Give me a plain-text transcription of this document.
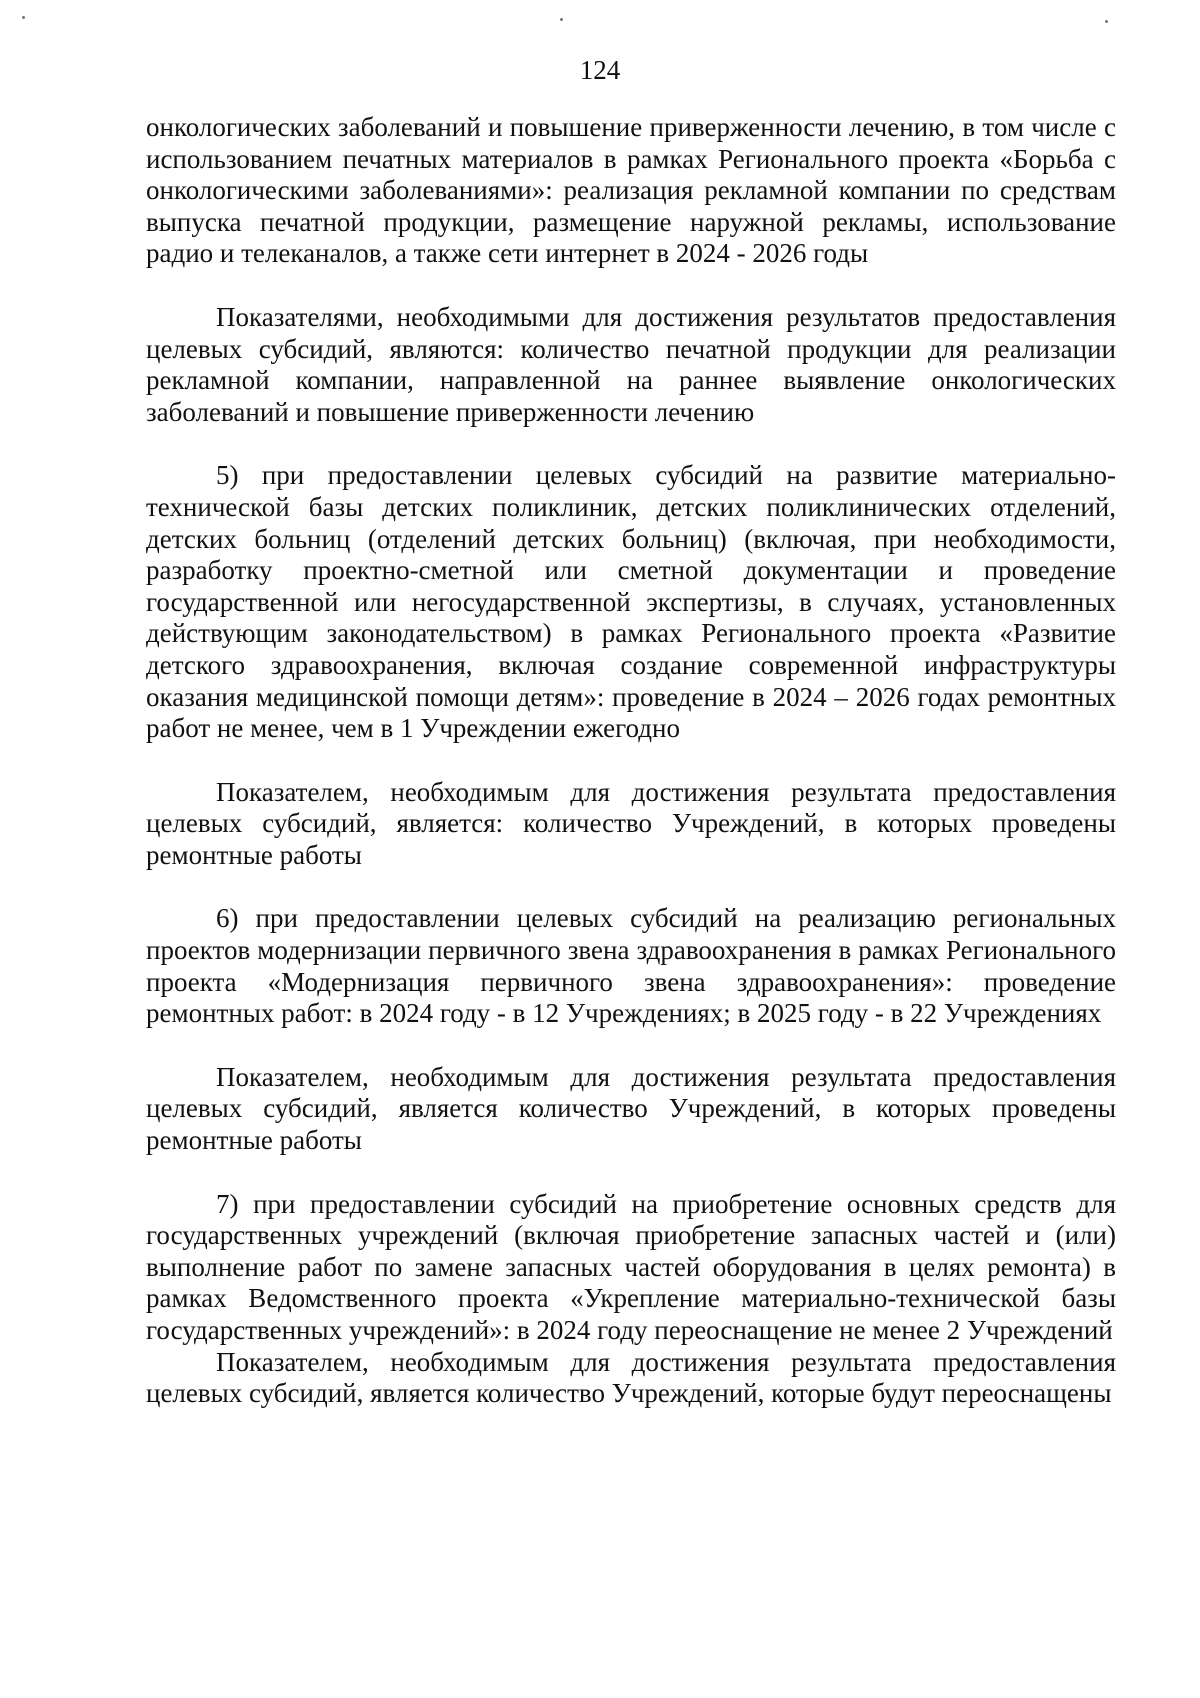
124

онкологических заболеваний и повышение приверженности лечению, в том числе с использованием печатных материалов в рамках Регионального проекта «Борьба с онкологическими заболеваниями»: реализация рекламной компании по средствам выпуска печатной продукции, размещение наружной рекламы, использование радио и телеканалов, а также сети интернет в 2024 - 2026 годы

Показателями, необходимыми для достижения результатов предоставления целевых субсидий, являются: количество печатной продукции для реализации рекламной компании, направленной на раннее выявление онкологических заболеваний и повышение приверженности лечению

5) при предоставлении целевых субсидий на развитие материально-технической базы детских поликлиник, детских поликлинических отделений, детских больниц (отделений детских больниц) (включая, при необходимости, разработку проектно-сметной или сметной документации и проведение государственной или негосударственной экспертизы, в случаях, установленных действующим законодательством) в рамках Регионального проекта «Развитие детского здравоохранения, включая создание современной инфраструктуры оказания медицинской помощи детям»: проведение в 2024 – 2026 годах ремонтных работ не менее, чем в 1 Учреждении ежегодно

Показателем, необходимым для достижения результата предоставления целевых субсидий, является: количество Учреждений, в которых проведены ремонтные работы

6) при предоставлении целевых субсидий на реализацию региональных проектов модернизации первичного звена здравоохранения в рамках Регионального проекта «Модернизация первичного звена здравоохранения»: проведение ремонтных работ: в 2024 году - в 12 Учреждениях; в 2025 году - в 22 Учреждениях

Показателем, необходимым для достижения результата предоставления целевых субсидий, является количество Учреждений, в которых проведены ремонтные работы

7) при предоставлении субсидий на приобретение основных средств для государственных учреждений (включая приобретение запасных частей и (или) выполнение работ по замене запасных частей оборудования в целях ремонта) в рамках Ведомственного проекта «Укрепление материально-технической базы государственных учреждений»: в 2024 году переоснащение не менее 2 Учреждений

Показателем, необходимым для достижения результата предоставления целевых субсидий, является количество Учреждений, которые будут переоснащены
